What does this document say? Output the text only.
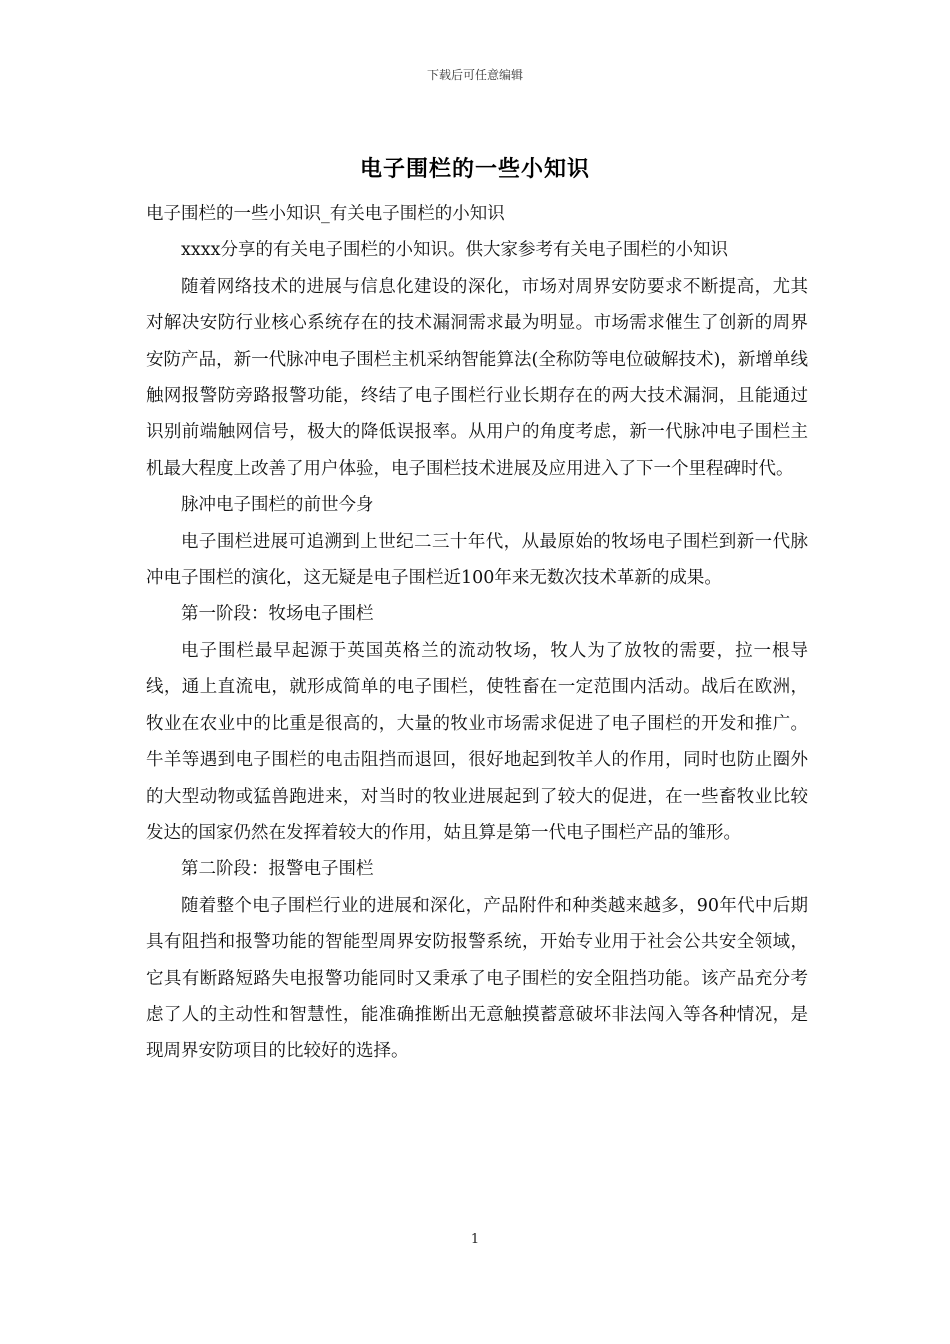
下载后可任意编辑
电子围栏的一些小知识

电子围栏的一些小知识_有关电子围栏的小知识

xxxx分享的有关电子围栏的小知识。供大家参考有关电子围栏的小知识

随着网络技术的进展与信息化建设的深化，市场对周界安防要求不断提高，尤其对解决安防行业核心系统存在的技术漏洞需求最为明显。市场需求催生了创新的周界安防产品，新一代脉冲电子围栏主机采纳智能算法(全称防等电位破解技术)，新增单线触网报警防旁路报警功能，终结了电子围栏行业长期存在的两大技术漏洞，且能通过识别前端触网信号，极大的降低误报率。从用户的角度考虑，新一代脉冲电子围栏主机最大程度上改善了用户体验，电子围栏技术进展及应用进入了下一个里程碑时代。

脉冲电子围栏的前世今身

电子围栏进展可追溯到上世纪二三十年代，从最原始的牧场电子围栏到新一代脉冲电子围栏的演化，这无疑是电子围栏近100年来无数次技术革新的成果。

第一阶段：牧场电子围栏

电子围栏最早起源于英国英格兰的流动牧场，牧人为了放牧的需要，拉一根导线，通上直流电，就形成简单的电子围栏，使牲畜在一定范围内活动。战后在欧洲，牧业在农业中的比重是很高的，大量的牧业市场需求促进了电子围栏的开发和推广。牛羊等遇到电子围栏的电击阻挡而退回，很好地起到牧羊人的作用，同时也防止圈外的大型动物或猛兽跑进来，对当时的牧业进展起到了较大的促进，在一些畜牧业比较发达的国家仍然在发挥着较大的作用，姑且算是第一代电子围栏产品的雏形。

第二阶段：报警电子围栏

随着整个电子围栏行业的进展和深化，产品附件和种类越来越多，90年代中后期具有阻挡和报警功能的智能型周界安防报警系统，开始专业用于社会公共安全领域，它具有断路短路失电报警功能同时又秉承了电子围栏的安全阻挡功能。该产品充分考虑了人的主动性和智慧性，能准确推断出无意触摸蓄意破坏非法闯入等各种情况，是现周界安防项目的比较好的选择。

1
